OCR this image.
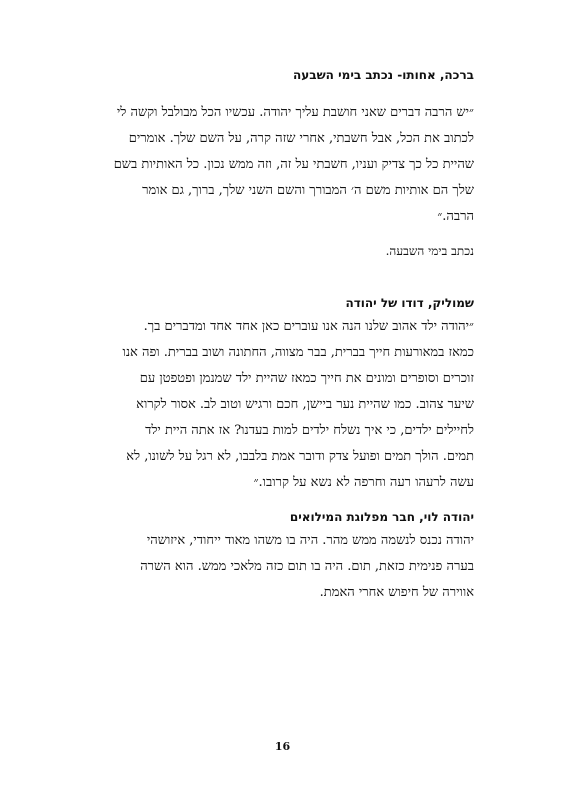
ברכה, אחותו- נכתב בימי השבעה

״יש הרבה דברים שאני חושבת עליך יהודה. עכשיו הכל מבולבל וקשה לי
לכתוב את הכל, אבל חשבתי, אחרי שזה קרה, על השם שלך. אומרים
שהיית כל כך צדיק ועניו, חשבתי על זה, וזה ממש נכון. כל האותיות בשם
שלך הם אותיות משם ה׳ המבורך והשם השני שלך, ברוך, גם אומר
הרבה.״

נכתב בימי השבעה.

שמוליק, דודו של יהודה

״יהודה ילד אהוב שלנו הנה אנו עוברים כאן אחד אחד ומדברים בך.
כמאז במאורעות חייך בברית, בבר מצווה, החתונה ושוב בברית. ופה אנו
זוכרים וסופרים ומונים את חייך כמאז שהיית ילד שמנמן ופטפטן עם
שיער צהוב. כמו שהיית נער ביישן, חכם ורגיש וטוב לב. אסור לקרוא
לחיילים ילדים, כי איך נשלח ילדים למות בעדנו? אז אתה היית ילד
תמים. הולך תמים ופועל צדק ודובר אמת בלבבו, לא רגל על לשונו, לא
עשה לרעהו רעה וחרפה לא נשא על קרובו.״

יהודה לוי, חבר מפלוגת המילואים

יהודה נכנס לנשמה ממש מהר. היה בו משהו מאוד ייחודי, איזושהי
בערה פנימית כזאת, תום. היה בו תום כזה מלאכי ממש. הוא השרה
אווירה של חיפוש אחרי האמת.
16
